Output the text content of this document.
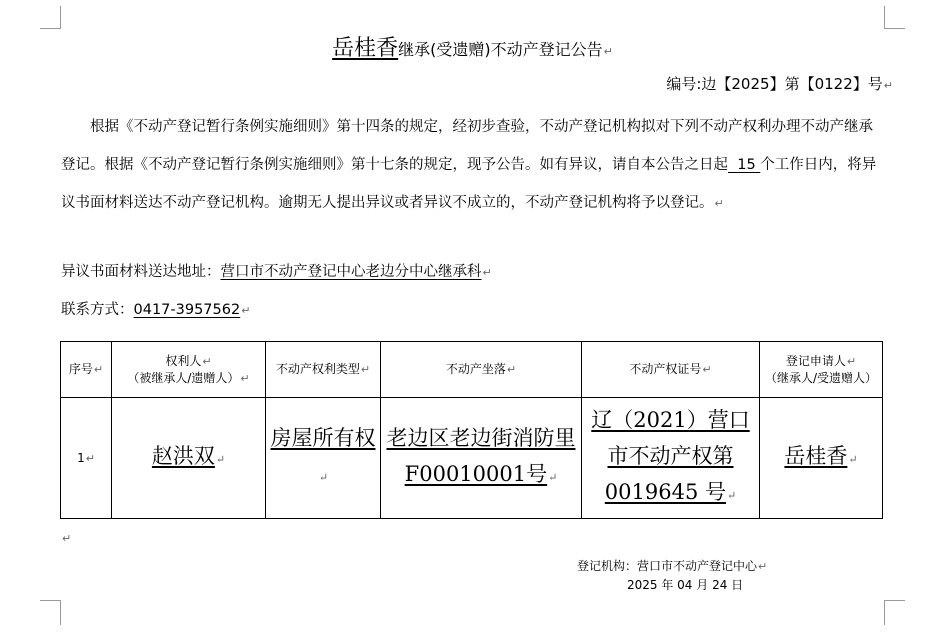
岳桂香继承(受遗赠)不动产登记公告↵
编号:边【2025】第【0122】号↵

根据《不动产登记暂行条例实施细则》第十四条的规定，经初步查验，不动产登记机构拟对下列不动产权利办理不动产继承登记。根据《不动产登记暂行条例实施细则》第十七条的规定，现予公告。如有异议，请自本公告之日起 15 个工作日内，将异议书面材料送达不动产登记机构。逾期无人提出异议或者异议不成立的，不动产登记机构将予以登记。↵

异议书面材料送达地址：营口市不动产登记中心老边分中心继承科↵
联系方式：0417-3957562↵
序号↵	权利人↵
（被继承人/遗赠人）↵	不动产权利类型↵	不动产坐落↵	不动产权证号↵	登记申请人↵
（继承人/受遗赠人）
1↵	赵洪双↵	房屋所有权↵	老边区老边街消防里F00010001号↵	辽（2021）营口市不动产权第 0019645 号↵	岳桂香↵
↵
登记机构：营口市不动产登记中心↵
2025 年 04 月 24 日
